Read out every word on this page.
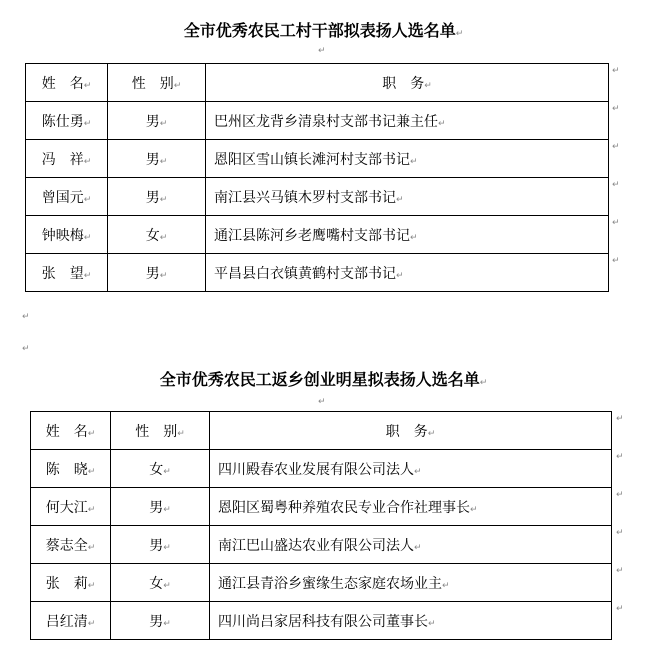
全市优秀农民工村干部拟表扬人选名单↵
↵
姓　名↵	性　别↵	职　务↵
陈仕勇↵	男↵	巴州区龙背乡清泉村支部书记兼主任↵
冯　祥↵	男↵	恩阳区雪山镇长滩河村支部书记↵
曾国元↵	男↵	南江县兴马镇木罗村支部书记↵
钟映梅↵	女↵	通江县陈河乡老鹰嘴村支部书记↵
张　望↵	男↵	平昌县白衣镇黄鹤村支部书记↵
↵
↵
↵
↵
↵
↵
↵
↵
全市优秀农民工返乡创业明星拟表扬人选名单↵
↵
姓　名↵	性　别↵	职　务↵
陈　晓↵	女↵	四川殿春农业发展有限公司法人↵
何大江↵	男↵	恩阳区蜀粤种养殖农民专业合作社理事长↵
蔡志全↵	男↵	南江巴山盛达农业有限公司法人↵
张　莉↵	女↵	通江县青浴乡蜜缘生态家庭农场业主↵
吕红清↵	男↵	四川尚吕家居科技有限公司董事长↵
↵
↵
↵
↵
↵
↵
